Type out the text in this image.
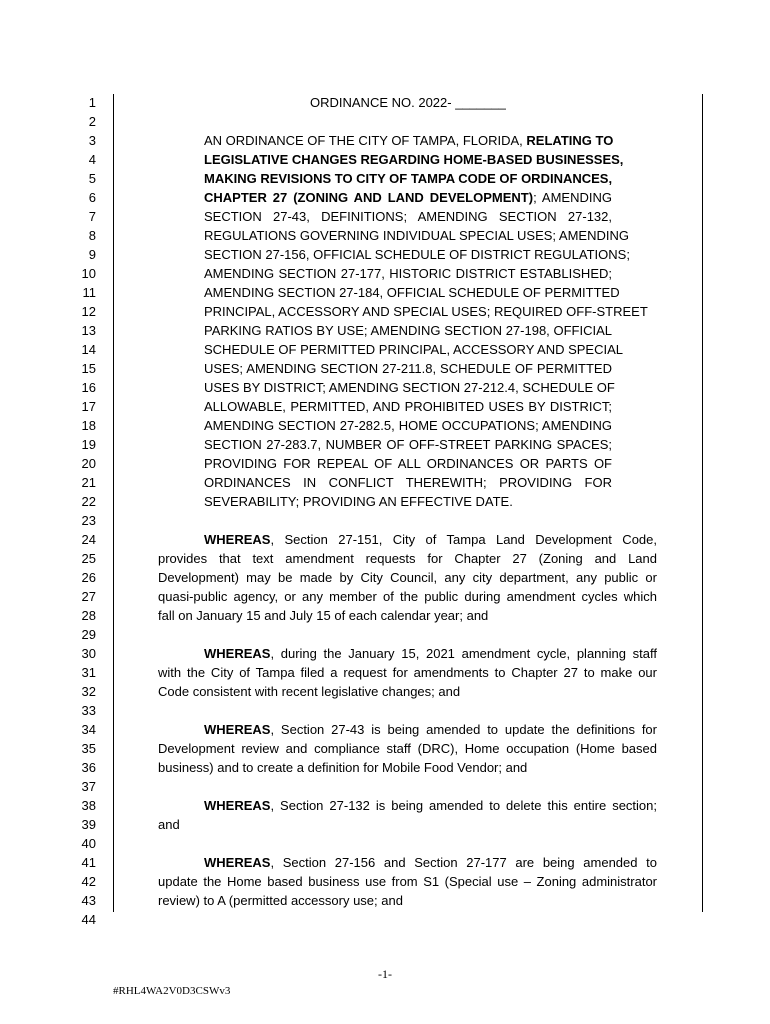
1
2
3
4
5
6
7
8
9
10
11
12
13
14
15
16
17
18
19
20
21
22
23
24
25
26
27
28
29
30
31
32
33
34
35
36
37
38
39
40
41
42
43
44
ORDINANCE NO. 2022- _______
AN ORDINANCE OF THE CITY OF TAMPA, FLORIDA, RELATING TO
LEGISLATIVE CHANGES REGARDING HOME-BASED BUSINESSES,
MAKING REVISIONS TO CITY OF TAMPA CODE OF ORDINANCES,
CHAPTER 27 (ZONING AND LAND DEVELOPMENT); AMENDING
SECTION 27-43, DEFINITIONS; AMENDING SECTION 27-132,
REGULATIONS GOVERNING INDIVIDUAL SPECIAL USES; AMENDING
SECTION 27-156, OFFICIAL SCHEDULE OF DISTRICT REGULATIONS;
AMENDING SECTION 27-177, HISTORIC DISTRICT ESTABLISHED;
AMENDING SECTION 27-184, OFFICIAL SCHEDULE OF PERMITTED
PRINCIPAL, ACCESSORY AND SPECIAL USES; REQUIRED OFF-STREET
PARKING RATIOS BY USE; AMENDING SECTION 27-198, OFFICIAL
SCHEDULE OF PERMITTED PRINCIPAL, ACCESSORY AND SPECIAL
USES; AMENDING SECTION 27-211.8, SCHEDULE OF PERMITTED
USES BY DISTRICT; AMENDING SECTION 27-212.4, SCHEDULE OF
ALLOWABLE, PERMITTED, AND PROHIBITED USES BY DISTRICT;
AMENDING SECTION 27-282.5, HOME OCCUPATIONS; AMENDING
SECTION 27-283.7, NUMBER OF OFF-STREET PARKING SPACES;
PROVIDING FOR REPEAL OF ALL ORDINANCES OR PARTS OF
ORDINANCES IN CONFLICT THEREWITH; PROVIDING FOR
SEVERABILITY; PROVIDING AN EFFECTIVE DATE.
WHEREAS, Section 27-151, City of Tampa Land Development Code,
provides that text amendment requests for Chapter 27 (Zoning and Land
Development) may be made by City Council, any city department, any public or
quasi-public agency, or any member of the public during amendment cycles which
fall on January 15 and July 15 of each calendar year; and
WHEREAS, during the January 15, 2021 amendment cycle, planning staff
with the City of Tampa filed a request for amendments to Chapter 27 to make our
Code consistent with recent legislative changes; and
WHEREAS, Section 27-43 is being amended to update the definitions for
Development review and compliance staff (DRC), Home occupation (Home based
business) and to create a definition for Mobile Food Vendor; and
WHEREAS, Section 27-132 is being amended to delete this entire section;
and
WHEREAS, Section 27-156 and Section 27-177 are being amended to
update the Home based business use from S1 (Special use – Zoning administrator
review) to A (permitted accessory use; and
-1-
#RHL4WA2V0D3CSWv3
